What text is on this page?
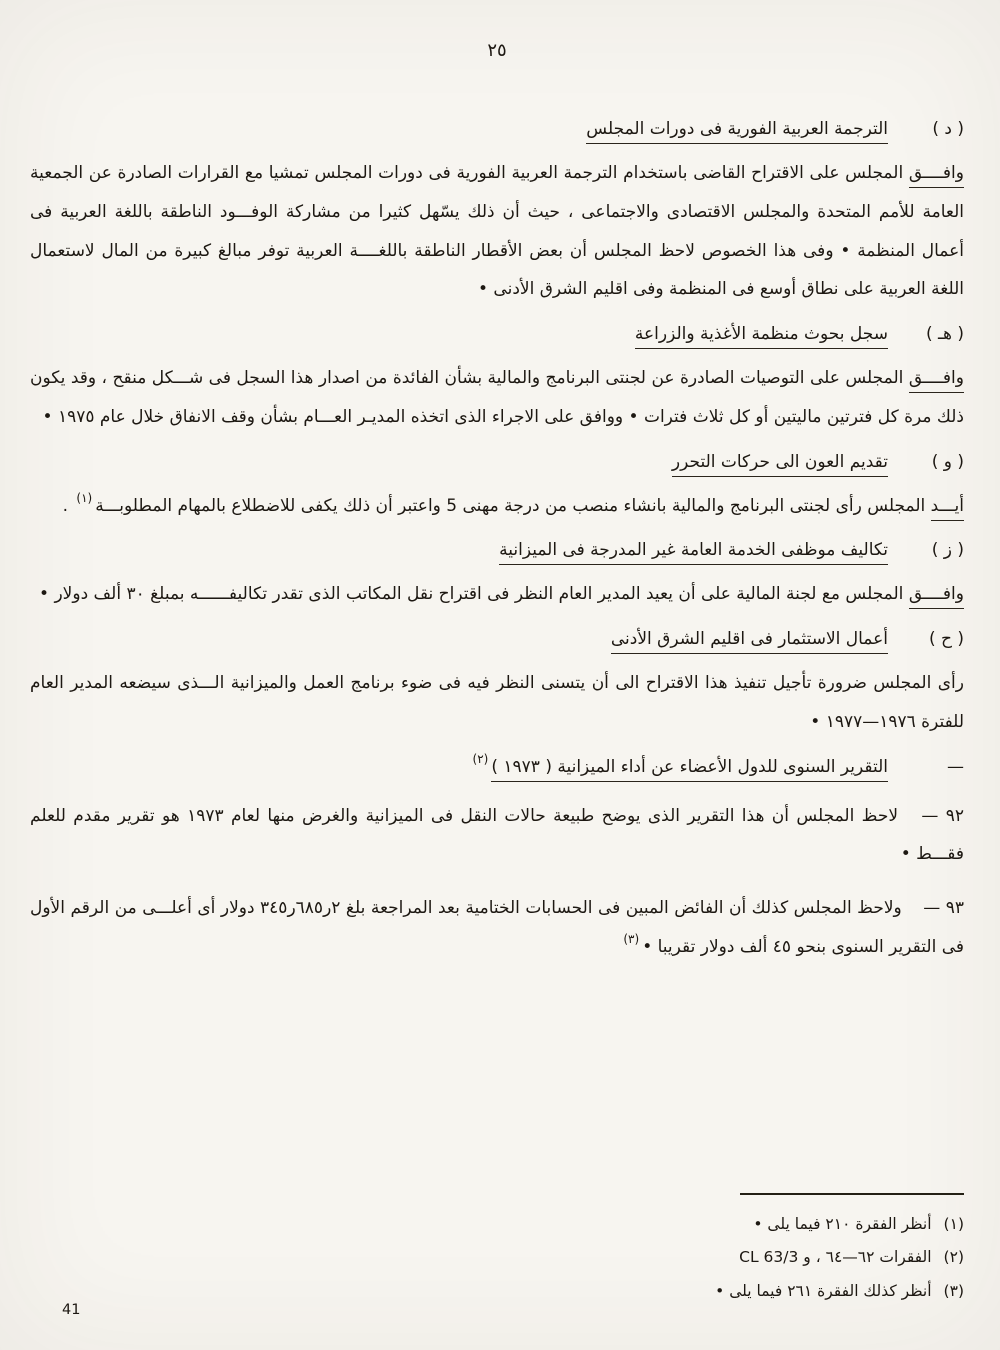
٢٥
( د )
الترجمة العربية الفورية فى دورات المجلس

وافــــق المجلس على الاقتراح القاضى باستخدام الترجمة العربية الفورية فى دورات المجلس تمشيا مع القرارات الصادرة عن الجمعية العامة للأمم المتحدة والمجلس الاقتصادى والاجتماعى ، حيث أن ذلك يسّهل كثيرا من مشاركة الوفـــود الناطقة باللغة العربية فى أعمال المنظمة • وفى هذا الخصوص لاحظ المجلس أن بعض الأقطار الناطقة باللغــــة العربية توفر مبالغ كبيرة من المال لاستعمال اللغة العربية على نطاق أوسع فى المنظمة وفى اقليم الشرق الأدنى •

( هـ )
سجل بحوث منظمة الأغذية والزراعة

وافــــق المجلس على التوصيات الصادرة عن لجنتى البرنامج والمالية بشأن الفائدة من اصدار هذا السجل فى شـــكل منقح ، وقد يكون ذلك مرة كل فترتين ماليتين أو كل ثلاث فترات • ووافق على الاجراء الذى اتخذه المديـر العـــام بشأن وقف الانفاق خلال عام ١٩٧٥ •

( و )
تقديم العون الى حركات التحرر

أيـــد المجلس رأى لجنتى البرنامج والمالية بانشاء منصب من درجة مهنى 5 واعتبر أن ذلك يكفى للاضطلاع بالمهام المطلوبـــة$^{(١)}$ .

( ز )
تكاليف موظفى الخدمة العامة غير المدرجة فى الميزانية

وافــــق المجلس مع لجنة المالية على أن يعيد المدير العام النظر فى اقتراح نقل المكاتب الذى تقدر تكاليفــــــه بمبلغ ٣٠ ألف دولار •

( ح )
أعمال الاستثمار فى اقليم الشرق الأدنى

رأى المجلس ضرورة تأجيل تنفيذ هذا الاقتراح الى أن يتسنى النظر فيه فى ضوء برنامج العمل والميزانية الـــذى سيضعه المدير العام للفترة ١٩٧٦—١٩٧٧ •

—
التقرير السنوى للدول الأعضاء عن أداء الميزانية ( ١٩٧٣ )$^{(٢)}$

٩٢ — لاحظ المجلس أن هذا التقرير الذى يوضح طبيعة حالات النقل فى الميزانية والغرض منها لعام ١٩٧٣ هو تقرير مقدم للعلم فقـــط •

٩٣ — ولاحظ المجلس كذلك أن الفائض المبين فى الحسابات الختامية بعد المراجعة بلغ ٢ر٦٨٥ر٣٤٥ دولار أى أعلـــى من الرقم الأول فى التقرير السنوى بنحو ٤٥ ألف دولار تقريبا •$^{(٣)}$

(١)أنظر الفقرة ٢١٠ فيما يلى •
(٢)الفقرات ٦٢—٦٤ ، و CL 63/3
(٣)أنظر كذلك الفقرة ٢٦١ فيما يلى •
41
